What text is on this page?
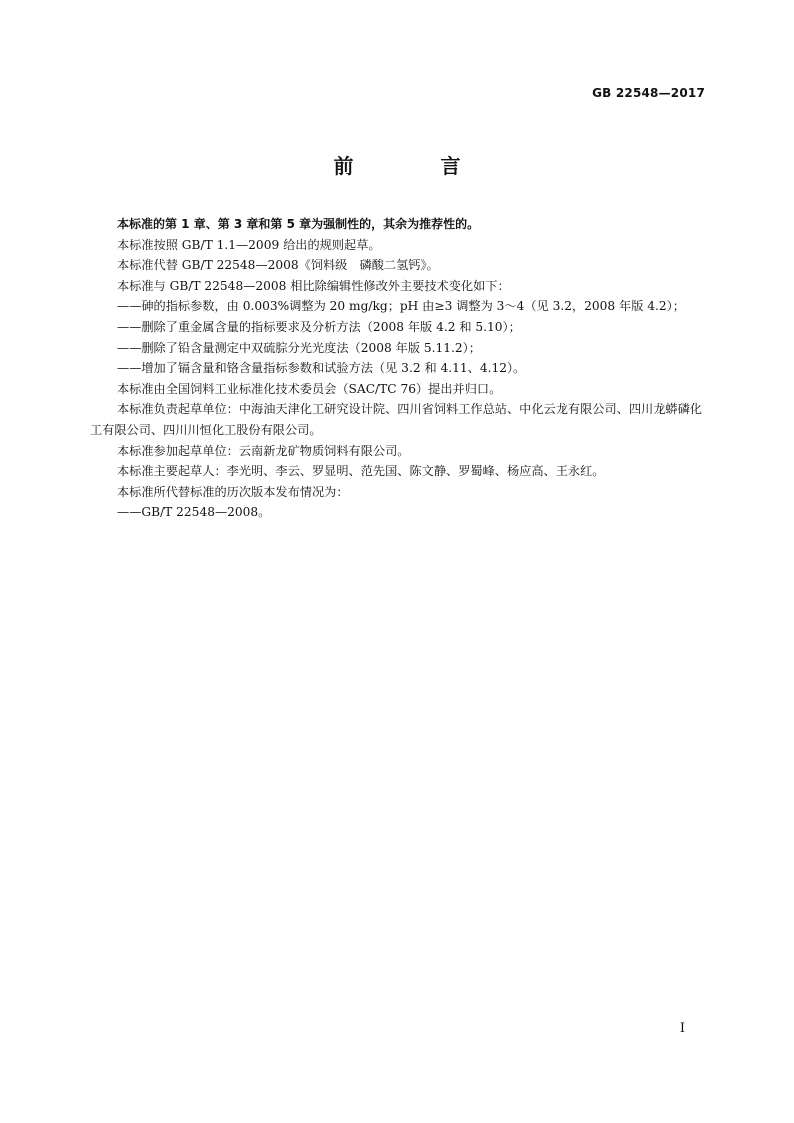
GB 22548—2017
前 言

本标准的第 1 章、第 3 章和第 5 章为强制性的，其余为推荐性的。

本标准按照 GB/T 1.1—2009 给出的规则起草。

本标准代替 GB/T 22548—2008《饲料级　磷酸二氢钙》。

本标准与 GB/T 22548—2008 相比除编辑性修改外主要技术变化如下：

——砷的指标参数，由 0.003%调整为 20 mg/kg；pH 由≥3 调整为 3～4（见 3.2，2008 年版 4.2）；

——删除了重金属含量的指标要求及分析方法（2008 年版 4.2 和 5.10）；

——删除了铅含量测定中双硫腙分光光度法（2008 年版 5.11.2）；

——增加了镉含量和铬含量指标参数和试验方法（见 3.2 和 4.11、4.12）。

本标准由全国饲料工业标准化技术委员会（SAC/TC 76）提出并归口。

本标准负责起草单位：中海油天津化工研究设计院、四川省饲料工作总站、中化云龙有限公司、四川龙蟒磷化工有限公司、四川川恒化工股份有限公司。

本标准参加起草单位：云南新龙矿物质饲料有限公司。

本标准主要起草人：李光明、李云、罗显明、范先国、陈文静、罗蜀峰、杨应高、王永红。

本标准所代替标准的历次版本发布情况为：

——GB/T 22548—2008。

I
